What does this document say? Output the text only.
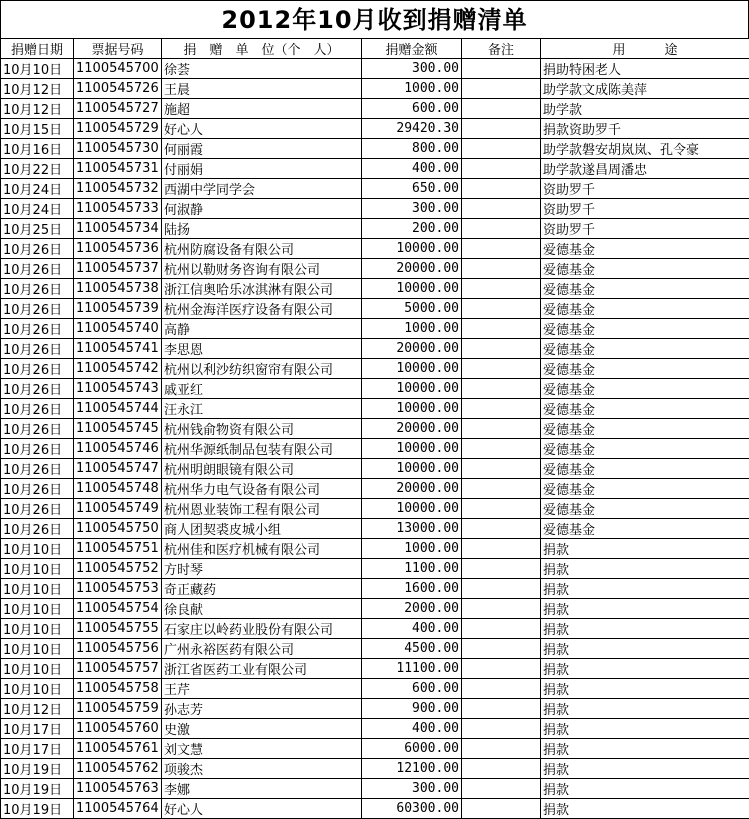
2012年10月收到捐赠清单
捐赠日期	票据号码	捐　赠　单　位（个　人）	捐赠金额	备注	用　　　途
10月10日	1100545700	徐荟	300.00		捐助特困老人
10月12日	1100545726	王晨	1000.00		助学款文成陈美萍
10月12日	1100545727	施超	600.00		助学款
10月15日	1100545729	好心人	29420.30		捐款资助罗千
10月16日	1100545730	何丽霞	800.00		助学款磐安胡岚岚、孔令豪
10月22日	1100545731	付丽娟	400.00		助学款遂昌周潘忠
10月24日	1100545732	西湖中学同学会	650.00		资助罗千
10月24日	1100545733	何淑静	300.00		资助罗千
10月25日	1100545734	陆扬	200.00		资助罗千
10月26日	1100545736	杭州防腐设备有限公司	10000.00		爱德基金
10月26日	1100545737	杭州以勒财务咨询有限公司	20000.00		爱德基金
10月26日	1100545738	浙江信奥哈乐冰淇淋有限公司	10000.00		爱德基金
10月26日	1100545739	杭州金海洋医疗设备有限公司	5000.00		爱德基金
10月26日	1100545740	高静	1000.00		爱德基金
10月26日	1100545741	李思恩	20000.00		爱德基金
10月26日	1100545742	杭州以利沙纺织窗帘有限公司	10000.00		爱德基金
10月26日	1100545743	戚亚红	10000.00		爱德基金
10月26日	1100545744	汪永江	10000.00		爱德基金
10月26日	1100545745	杭州钱俞物资有限公司	20000.00		爱德基金
10月26日	1100545746	杭州华源纸制品包装有限公司	10000.00		爱德基金
10月26日	1100545747	杭州明朗眼镜有限公司	10000.00		爱德基金
10月26日	1100545748	杭州华力电气设备有限公司	20000.00		爱德基金
10月26日	1100545749	杭州恩业装饰工程有限公司	10000.00		爱德基金
10月26日	1100545750	商人团契裘皮城小组	13000.00		爱德基金
10月10日	1100545751	杭州佳和医疗机械有限公司	1000.00		捐款
10月10日	1100545752	方时琴	1100.00		捐款
10月10日	1100545753	奇正藏药	1600.00		捐款
10月10日	1100545754	徐良献	2000.00		捐款
10月10日	1100545755	石家庄以岭药业股份有限公司	400.00		捐款
10月10日	1100545756	广州永裕医药有限公司	4500.00		捐款
10月10日	1100545757	浙江省医药工业有限公司	11100.00		捐款
10月10日	1100545758	王芹	600.00		捐款
10月12日	1100545759	孙志芳	900.00		捐款
10月17日	1100545760	史激	400.00		捐款
10月17日	1100545761	刘文慧	6000.00		捐款
10月19日	1100545762	项骏杰	12100.00		捐款
10月19日	1100545763	李娜	300.00		捐款
10月19日	1100545764	好心人	60300.00		捐款
